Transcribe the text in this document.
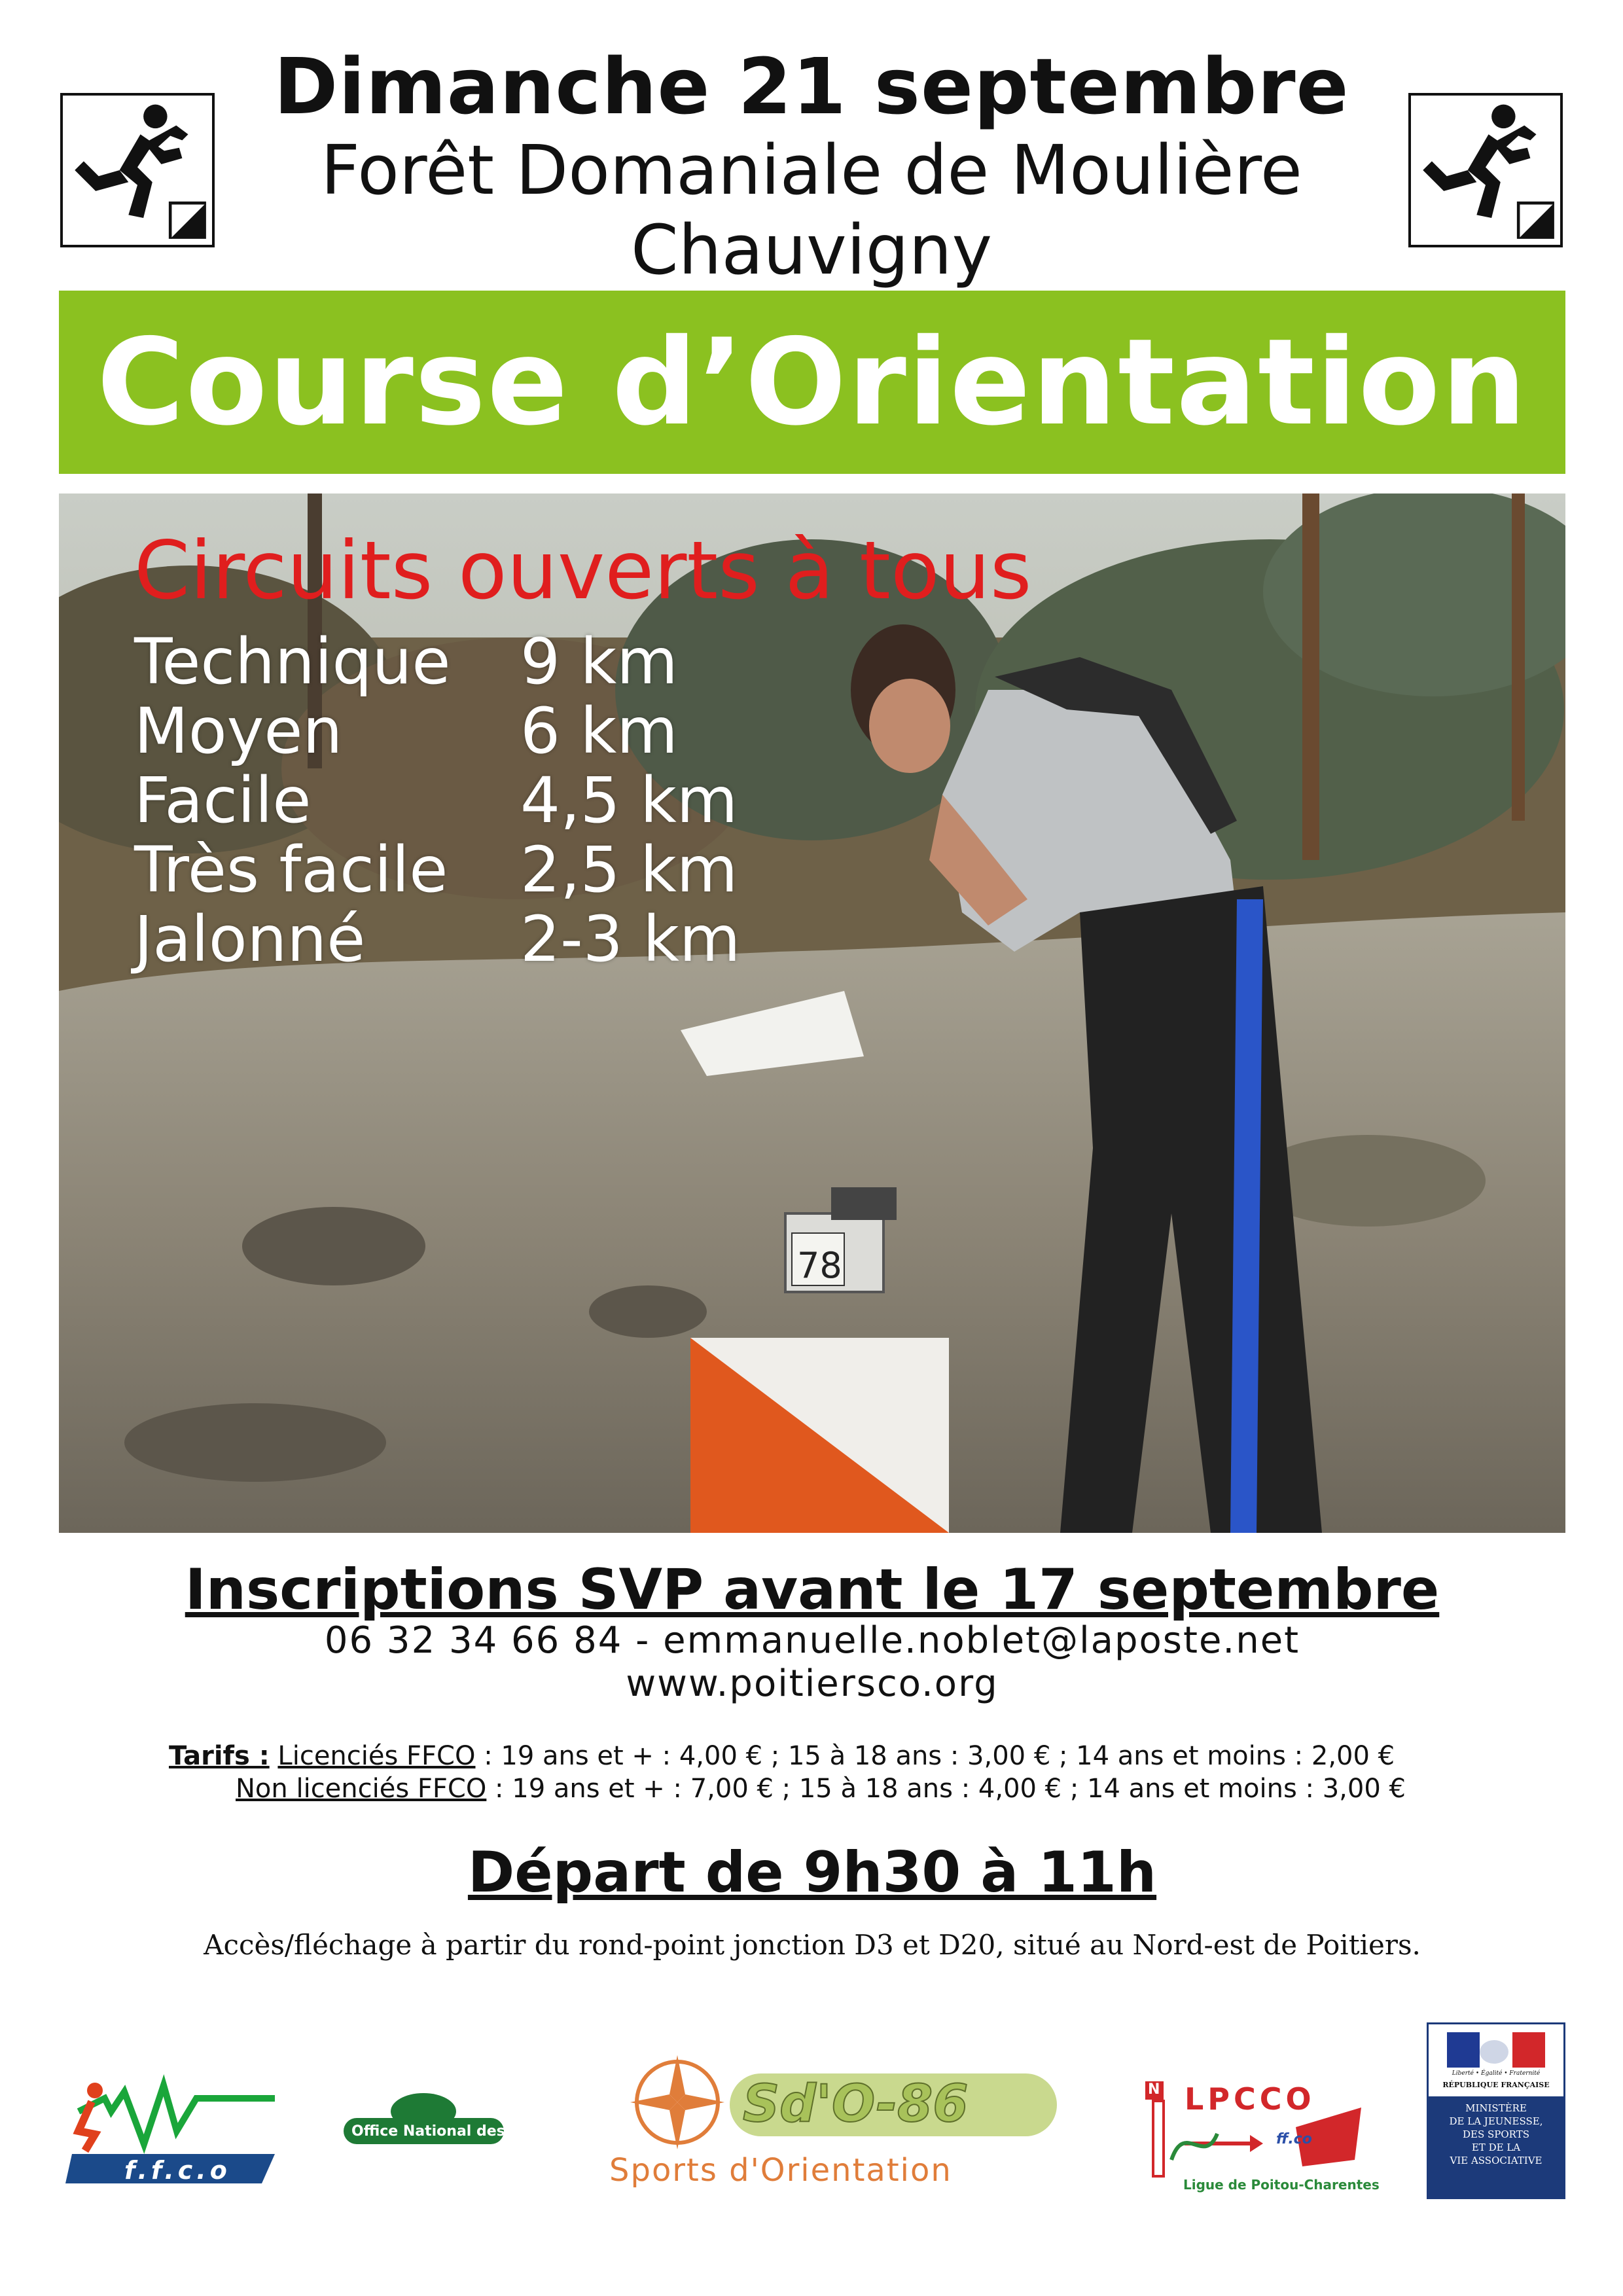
Dimanche 21 septembre
Forêt Domaniale de Moulière
Chauvigny
Course d’Orientation
78
Circuits ouverts à tous
Technique 9 km
Moyen	6 km
Facile	4,5 km
Très facile 2,5 km
Jalonné 2-3 km
Inscriptions SVP avant le 17 septembre
06 32 34 66 84 - emmanuelle.noblet@laposte.net
www.poitiersco.org
Tarifs : Licenciés FFCO : 19 ans et + : 4,00 € ; 15 à 18 ans : 3,00 € ; 14 ans et moins : 2,00 €
Non licenciés FFCO : 19 ans et + : 7,00 € ; 15 à 18 ans : 4,00 € ; 14 ans et moins : 3,00 €
Départ de 9h30 à 11h
Accès/fléchage à partir du rond-point jonction D3 et D20, situé au Nord-est de Poitiers.
f.f.c.o
Office National des Forêts	Sd'O-86
Sports d'Orientation
N LPCCO
ff.co
Ligue de Poitou-Charentes
Liberté • Égalité • Fraternité
RÉPUBLIQUE FRANÇAISE
MINISTÈRE
DE LA JEUNESSE,
DES SPORTS
ET DE LA
VIE ASSOCIATIVE
